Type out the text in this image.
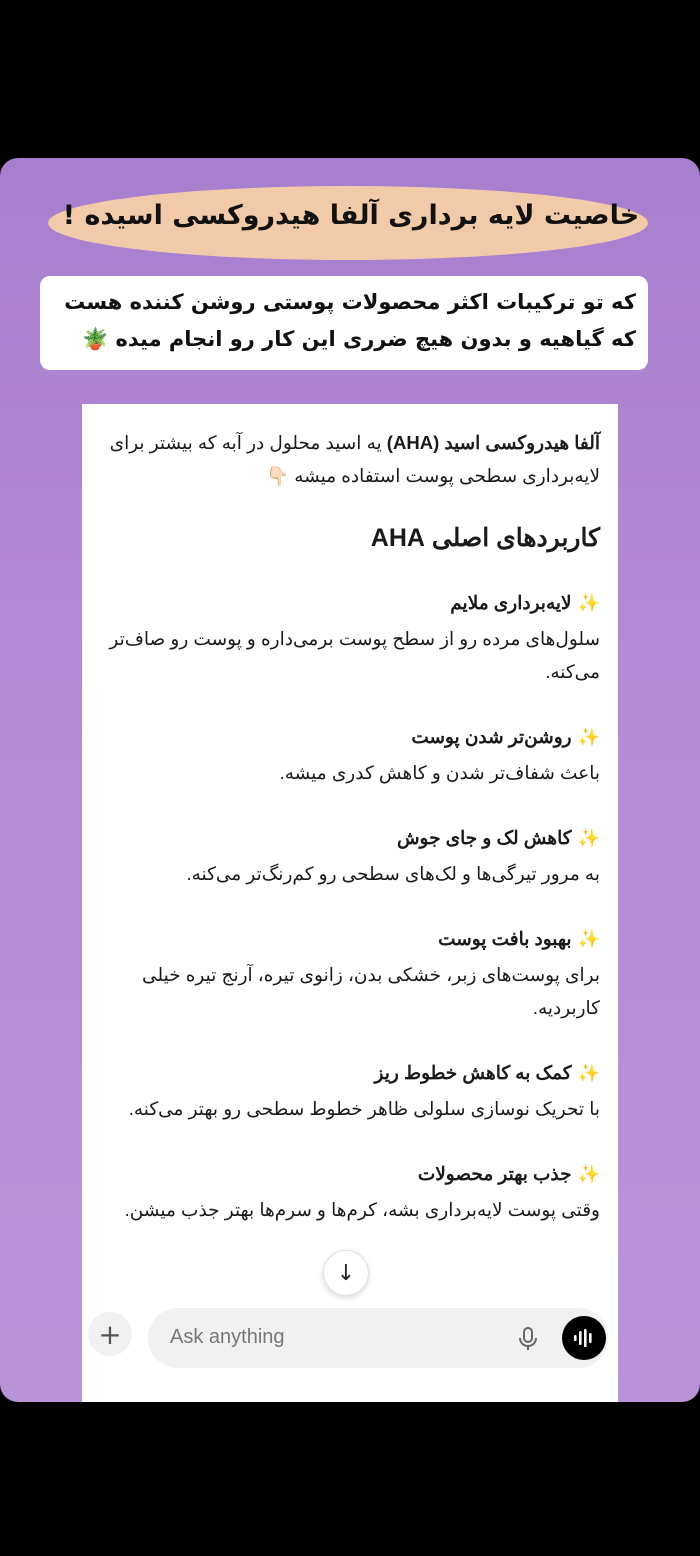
خاصیت لایه برداری آلفا هیدروکسی اسیده !
که تو ترکیبات اکثر محصولات پوستی روشن کننده هست
که گیاهیه و بدون هیچ ضرری این کار رو انجام میده 🪴
آلفا هیدروکسی اسید (AHA) یه اسید محلول در آبه که بیشتر برای لایه‌برداری سطحی پوست استفاده میشه 👇🏻
کاربردهای اصلی AHA
✨لایه‌برداری ملایم
سلول‌های مرده رو از سطح پوست برمی‌داره و پوست رو صاف‌تر می‌کنه.
✨روشن‌تر شدن پوست
باعث شفاف‌تر شدن و کاهش کدری میشه.
✨کاهش لک و جای جوش
به مرور تیرگی‌ها و لک‌های سطحی رو کم‌رنگ‌تر می‌کنه.
✨بهبود بافت پوست
برای پوست‌های زبر، خشکی بدن، زانوی تیره، آرنج تیره خیلی کاربردیه.
✨کمک به کاهش خطوط ریز
با تحریک نوسازی سلولی ظاهر خطوط سطحی رو بهتر می‌کنه.
✨جذب بهتر محصولات
وقتی پوست لایه‌برداری بشه، کرم‌ها و سرم‌ها بهتر جذب میشن.
↓
+ Ask anything
